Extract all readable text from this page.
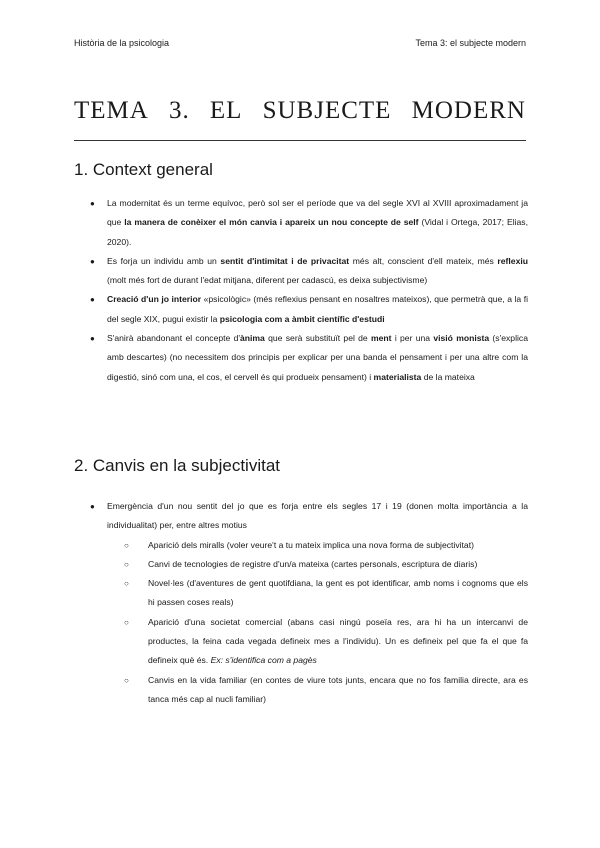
Història de la psicologia	Tema 3: el subjecte modern
TEMA 3. EL SUBJECTE MODERN
1. Context general
● La modernitat és un terme equívoc, però sol ser el període que va del segle XVI al XVIII aproximadament ja que la manera de conèixer el món canvia i apareix un nou concepte de self (Vidal i Ortega, 2017; Elias, 2020).
● Es forja un individu amb un sentit d'intimitat i de privacitat més alt, conscient d'ell mateix, més reflexiu (molt més fort de durant l'edat mitjana, diferent per cadascú, es deixa subjectivisme)
● Creació d'un jo interior «psicològic» (més reflexius pensant en nosaltres mateixos), que permetrà que, a la fi del segle XIX, pugui existir la psicologia com a àmbit científic d'estudi
● S'anirà abandonant el concepte d'ànima que serà substituït pel de ment i per una visió monista (s'explica amb descartes) (no necessitem dos principis per explicar per una banda el pensament i per una altre com la digestió, sinó com una, el cos, el cervell és qui produeix pensament) i materialista de la mateixa
2. Canvis en la subjectivitat
● Emergència d'un nou sentit del jo que es forja entre els segles 17 i 19 (donen molta importància a la individualitat) per, entre altres motius
○ Aparició dels miralls (voler veure't a tu mateix implica una nova forma de subjectivitat)
○ Canvi de tecnologies de registre d'un/a mateixa (cartes personals, escriptura de diaris)
○ Novel·les (d'aventures de gent quotifdiana, la gent es pot identificar, amb noms i cognoms que els hi passen coses reals)
○ Aparició d'una societat comercial (abans casi ningú poseïa res, ara hi ha un intercanvi de productes, la feina cada vegada defineix mes a l'individu). Un es defineix pel que fa el que fa defineix què és. Ex: s'identifica com a pagès
○ Canvis en la vida familiar (en contes de viure tots junts, encara que no fos familia directe, ara es tanca més cap al nucli familiar)
